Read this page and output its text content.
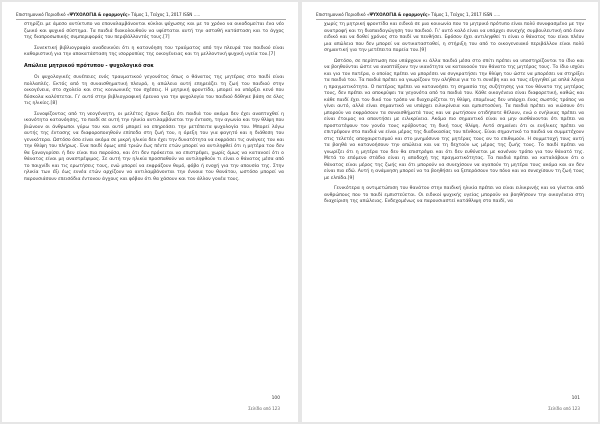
Επιστημονικό Περιοδικό «ΨΥΧΟΛΟΓΙΑ & εφαρμογές» Τόμος 1, Τεύχος 1, 2017 ISSN …..

στηρίζει με άμεσο αντίκτυπο να επαναλαμβάνονται κύκλοι ψύχωσης και με το χρόνο να οικοδομείται ένα νέο ζωικό και ψυχικό σύστημα. Τα παιδιά διακολουθούν να υφίσταται αυτή την ασταθή κατάσταση και το άγχος της διαπροσωπικής συμπεριφοράς του περιβάλλοντός τους.[7]

Συνεκτική βιβλιογραφία αναδεικνύει ότι η κατανόηση του τραύματος από την πλευρά του παιδιού είναι καθοριστική για την αποκατάσταση της ισορροπίας της οικογένειας και τη μελλοντική ψυχική υγεία του.[7]

Απώλεια μητρικού πρότυπου - ψυχολογικό σοκ

Οι ψυχολογικές συνέπειες ενός τραυματικού γεγονότος όπως ο θάνατος της μητέρας στο παιδί είναι πολλαπλές. Εκτός από τη συναισθηματική πλευρά, η απώλεια αυτή επηρεάζει τη ζωή του παιδιού στην οικογένεια, στο σχολείο και στις κοινωνικές του σχέσεις. Η μητρική φροντίδα, μπορεί να υπάρξει κενό που δύσκολα καλύπτεται. Γι' αυτό στην βιβλιογραφική έρευνα για την ψυχολογία του παιδιού δόθηκε βάση σε όλες τις ηλικίες.[8]

Συνοψίζοντας από τη νεογέννητη, οι μελέτες έχουν δείξει ότι παιδιά του ακόμα δεν έχει αναπτυχθεί η ικανότητα κατανόησης, το παιδί σε αυτή την ηλικία αντιλαμβάνεται την ένταση, την αγωνία και την θλίψη που βιώνουν οι άνθρωποι γύρω του και αυτό μπορεί να επηρεάσει την μετέπειτα ψυχολογία του. Μπορεί λόγω αυτής της έντασης να διαφοροποιηθούν επίπεδα στη ζωή του, η όρεξη του για φαγητό και η διάθεση του γενικότερα. Ωστόσο όσο είναι ακόμα σε μικρή ηλικία δεν έχει την δυνατότητα να εκφράσει τις ανάγκες του και την θλίψη του πλήρως. Ένα παιδί όμως από τριών έως πέντε ετών μπορεί να αντιληφθεί ότι η μητέρα του δεν θα ξαναγυρίσει ή δεν είναι πια παρούσα, και ότι δεν πρόκειται να επιστρέψει, χωρίς όμως να κατανοεί ότι ο θάνατος είναι μη αναστρέψιμος. Σε αυτή την ηλικία προσπαθούν να αντιληφθούν τι είναι ο θάνατος μέσα από το παιχνίδι και τις ερωτήσεις τους, ενώ μπορεί να εκφράζουν θυμό, φόβο ή ενοχή για την απουσία της. Στην ηλικία των έξι έως εννέα ετών αρχίζουν να αντιλαμβάνονται την έννοια του θανάτου, ωστόσο μπορεί να παρουσιάσουν επεισόδια έντονου άγχους και φόβου ότι θα χάσουν και τον άλλον γονέα τους.

100
Σελίδα από 123
Επιστημονικό Περιοδικό «ΨΥΧΟΛΟΓΙΑ & εφαρμογές» Τόμος 1, Τεύχος 1, 2017 ISSN …..

χωρίς τη μητρική φροντίδα και ειδικά σε μια κοινωνία που το μητρικό πρότυπο είναι πολύ συνυφασμένο με την ανατροφή και τη διαπαιδαγώγηση του παιδιού. Γι' αυτό καλό είναι να υπάρχει συνεχής συμβουλευτική από έναν ειδικό και να δοθεί χρόνος στο παιδί να πενθήσει. Εφόσον έχει αντιληφθεί τι είναι ο θάνατος του είναι πλέον μια απώλεια που δεν μπορεί να αντικατασταθεί, η στήριξη του από το οικογενειακό περιβάλλον είναι πολύ σημαντική για την μετέπειτα πορεία του.[9]

Ωστόσο, σε περίπτωση που υπάρχουν κι άλλα παιδιά μέσα στο σπίτι πρέπει να υποστηρίζονται το ίδιο και να βοηθούνται ώστε να αναπτύξουν την ικανότητα να κατανοούν τον θάνατο της μητέρας τους. Το ίδιο ισχύει και για τον πατέρα, ο οποίος πρέπει να μπορέσει να συγκρατήσει την θλίψη του ώστε να μπορέσει να στηρίξει τα παιδιά του. Τα παιδιά πρέπει να γνωρίζουν την αλήθεια για το τι συνέβη και να τους εξηγηθεί με απλά λόγια η πραγματικότητα. Ο πατέρας πρέπει να κατανοήσει τη σημασία της συζήτησης για τον θάνατο της μητέρας τους, δεν πρέπει να αποκρύψει τα γεγονότα από τα παιδιά του. Κάθε οικογένεια είναι διαφορετική, καθώς και κάθε παιδί έχει τον δικό του τρόπο να διαχειρίζεται τη θλίψη, επομένως δεν υπάρχει ένας σωστός τρόπος να γίνει αυτό, αλλά είναι σημαντικό να υπάρχει ειλικρίνεια και εμπιστοσύνη. Τα παιδιά πρέπει να νιώσουν ότι μπορούν να εκφράσουν τα συναισθήματά τους και να ρωτήσουν οτιδήποτε θέλουν, ενώ ο ενήλικας πρέπει να είναι έτοιμος να απαντήσει με ειλικρίνεια. Ακόμα πιο σημαντικό είναι να μην αισθάνονται ότι πρέπει να προστατέψουν τον γονέα τους κρύβοντας τη δική τους θλίψη. Αυτό σημαίνει ότι οι ενήλικες πρέπει να επιτρέψουν στα παιδιά να είναι μέρος της διαδικασίας του πένθους. Είναι σημαντικό τα παιδιά να συμμετέχουν στις τελετές αποχαιρετισμού και στο μνημόσυνο της μητέρας τους αν το επιθυμούν. Η συμμετοχή τους αυτή τα βοηθά να κατανοήσουν την απώλεια και να τη δεχτούν ως μέρος της ζωής τους. Το παιδί πρέπει να γνωρίζει ότι η μητέρα του δεν θα επιστρέψει και ότι δεν ευθύνεται με κανέναν τρόπο για τον θάνατό της. Μετά το επόμενο στάδιο είναι η αποδοχή της πραγματικότητας. Τα παιδιά πρέπει να καταλάβουν ότι ο θάνατος είναι μέρος της ζωής και ότι μπορούν να συνεχίσουν να αγαπούν τη μητέρα τους ακόμα και αν δεν είναι πια εδώ. Αυτή η ανάμνηση μπορεί να τα βοηθήσει να ξεπεράσουν τον πόνο και να συνεχίσουν τη ζωή τους με ελπίδα.[9]

Γενικότερα η αντιμετώπιση του θανάτου στην παιδική ηλικία πρέπει να είναι ειλικρινής και να γίνεται από ανθρώπους που το παιδί εμπιστεύεται. Οι ειδικοί ψυχικής υγείας μπορούν να βοηθήσουν την οικογένεια στη διαχείριση της απώλειας. Ενδεχομένως να παρουσιαστεί κατάθλιψη στο παιδί, να

101
Σελίδα από 123
